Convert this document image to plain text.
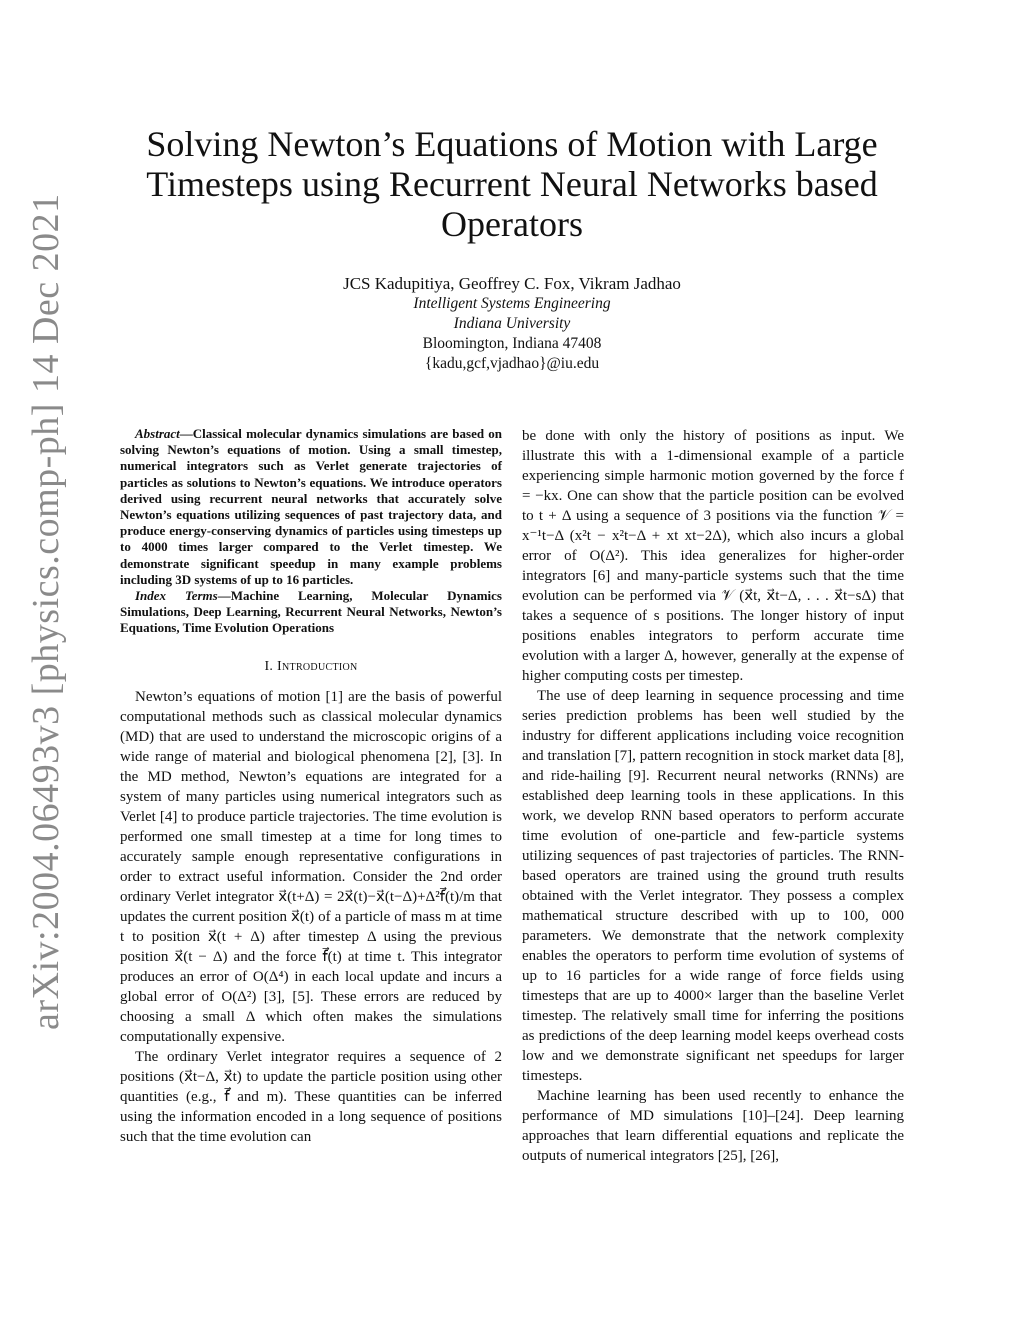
arXiv:2004.06493v3 [physics.comp-ph] 14 Dec 2021
Solving Newton’s Equations of Motion with Large Timesteps using Recurrent Neural Networks based Operators
JCS Kadupitiya, Geoffrey C. Fox, Vikram Jadhao
Intelligent Systems Engineering
Indiana University
Bloomington, Indiana 47408
{kadu,gcf,vjadhao}@iu.edu
Abstract—Classical molecular dynamics simulations are based on solving Newton’s equations of motion. Using a small timestep, numerical integrators such as Verlet generate trajectories of particles as solutions to Newton’s equations. We introduce operators derived using recurrent neural networks that accurately solve Newton’s equations utilizing sequences of past trajectory data, and produce energy-conserving dynamics of particles using timesteps up to 4000 times larger compared to the Verlet timestep. We demonstrate significant speedup in many example problems including 3D systems of up to 16 particles.
Index Terms—Machine Learning, Molecular Dynamics Simulations, Deep Learning, Recurrent Neural Networks, Newton’s Equations, Time Evolution Operations
I. Introduction

Newton’s equations of motion [1] are the basis of powerful computational methods such as classical molecular dynamics (MD) that are used to understand the microscopic origins of a wide range of material and biological phenomena [2], [3]. In the MD method, Newton’s equations are integrated for a system of many particles using numerical integrators such as Verlet [4] to produce particle trajectories. The time evolution is performed one small timestep at a time for long times to accurately sample enough representative configurations in order to extract useful information. Consider the 2nd order ordinary Verlet integrator x⃗(t+Δ) = 2x⃗(t)−x⃗(t−Δ)+Δ²f⃗(t)/m that updates the current position x⃗(t) of a particle of mass m at time t to position x⃗(t + Δ) after timestep Δ using the previous position x⃗(t − Δ) and the force f⃗(t) at time t. This integrator produces an error of O(Δ⁴) in each local update and incurs a global error of O(Δ²) [3], [5]. These errors are reduced by choosing a small Δ which often makes the simulations computationally expensive.

The ordinary Verlet integrator requires a sequence of 2 positions (x⃗t−Δ, x⃗t) to update the particle position using other quantities (e.g., f⃗ and m). These quantities can be inferred using the information encoded in a long sequence of positions such that the time evolution can

be done with only the history of positions as input. We illustrate this with a 1-dimensional example of a particle experiencing simple harmonic motion governed by the force f = −kx. One can show that the particle position can be evolved to t + Δ using a sequence of 3 positions via the function 𝒱 = x⁻¹t−Δ (x²t − x²t−Δ + xt xt−2Δ), which also incurs a global error of O(Δ²). This idea generalizes for higher-order integrators [6] and many-particle systems such that the time evolution can be performed via 𝒱 (x⃗t, x⃗t−Δ, . . . x⃗t−sΔ) that takes a sequence of s positions. The longer history of input positions enables integrators to perform accurate time evolution with a larger Δ, however, generally at the expense of higher computing costs per timestep.

The use of deep learning in sequence processing and time series prediction problems has been well studied by the industry for different applications including voice recognition and translation [7], pattern recognition in stock market data [8], and ride-hailing [9]. Recurrent neural networks (RNNs) are established deep learning tools in these applications. In this work, we develop RNN based operators to perform accurate time evolution of one-particle and few-particle systems utilizing sequences of past trajectories of particles. The RNN-based operators are trained using the ground truth results obtained with the Verlet integrator. They possess a complex mathematical structure described with up to 100, 000 parameters. We demonstrate that the network complexity enables the operators to perform time evolution of systems of up to 16 particles for a wide range of force fields using timesteps that are up to 4000× larger than the baseline Verlet timestep. The relatively small time for inferring the positions as predictions of the deep learning model keeps overhead costs low and we demonstrate significant net speedups for larger timesteps.

Machine learning has been used recently to enhance the performance of MD simulations [10]–[24]. Deep learning approaches that learn differential equations and replicate the outputs of numerical integrators [25], [26],
